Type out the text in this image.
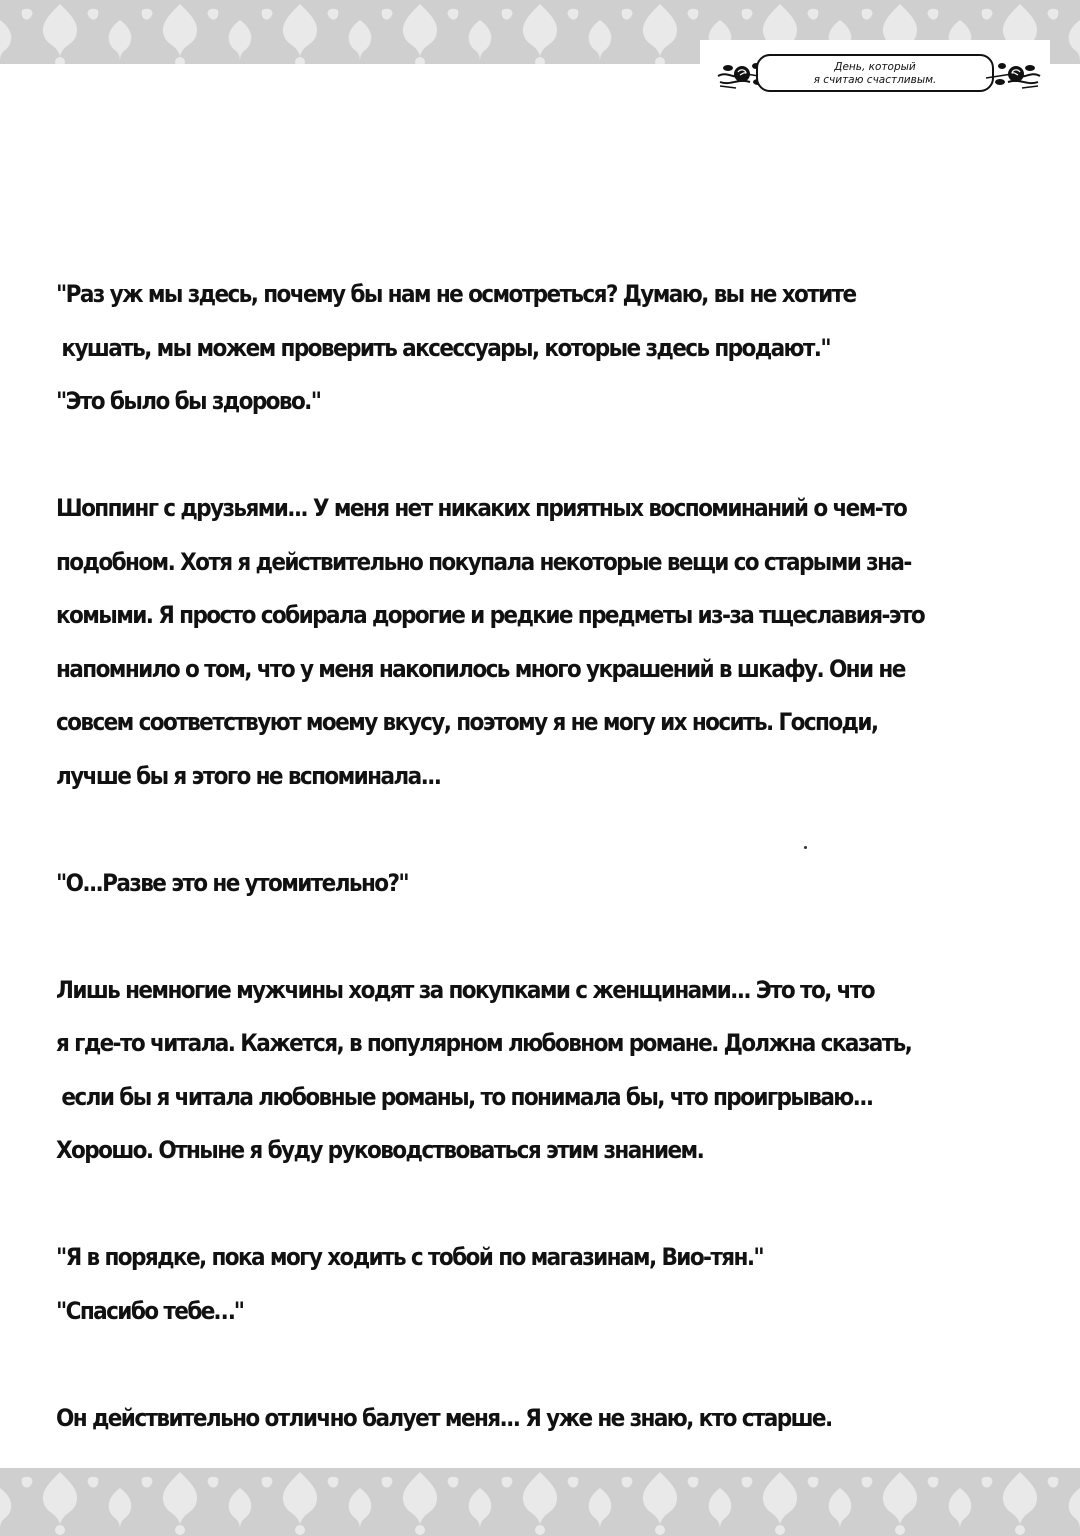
День, который
я считаю счастливым.

"Раз уж мы здесь, почему бы нам не осмотреться? Думаю, вы не хотите
кушать, мы можем проверить аксессуары, которые здесь продают."
"Это было бы здорово."

Шоппинг с друзьями... У меня нет никаких приятных воспоминаний о чем-то
подобном. Хотя я действительно покупала некоторые вещи со старыми зна-
комыми. Я просто собирала дорогие и редкие предметы из-за тщеславия-это
напомнило о том, что у меня накопилось много украшений в шкафу. Они не
совсем соответствуют моему вкусу, поэтому я не могу их носить. Господи,
лучше бы я этого не вспоминала...

"О...Разве это не утомительно?"

Лишь немногие мужчины ходят за покупками с женщинами... Это то, что
я где-то читала. Кажется, в популярном любовном романе. Должна сказать,
если бы я читала любовные романы, то понимала бы, что проигрываю...
Хорошо. Отныне я буду руководствоваться этим знанием.

"Я в порядке, пока могу ходить с тобой по магазинам, Вио-тян."
"Спасибо тебе…"

Он действительно отлично балует меня... Я уже не знаю, кто старше.
